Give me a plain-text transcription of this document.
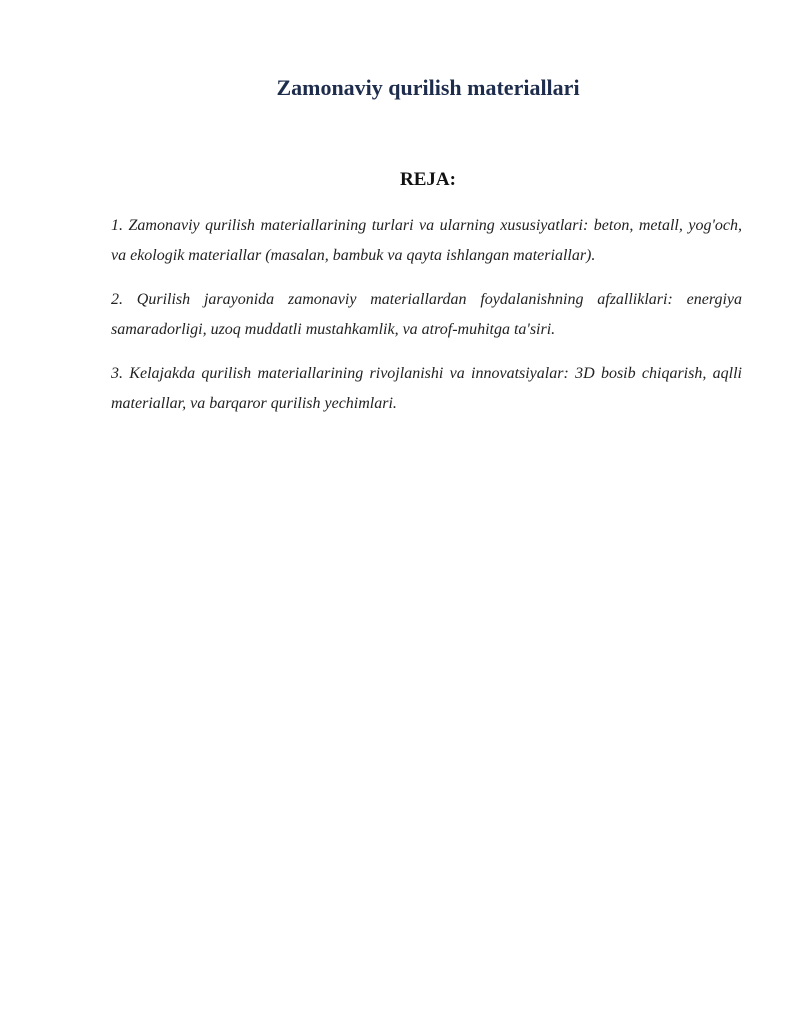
Zamonaviy qurilish materiallari
REJA:
1. Zamonaviy qurilish materiallarining turlari va ularning xususiyatlari: beton, metall, yog'och, va ekologik materiallar (masalan, bambuk va qayta ishlangan materiallar).
2. Qurilish jarayonida zamonaviy materiallardan foydalanishning afzalliklari: energiya samaradorligi, uzoq muddatli mustahkamlik, va atrof-muhitga ta'siri.
3. Kelajakda qurilish materiallarining rivojlanishi va innovatsiyalar: 3D bosib chiqarish, aqlli materiallar, va barqaror qurilish yechimlari.
